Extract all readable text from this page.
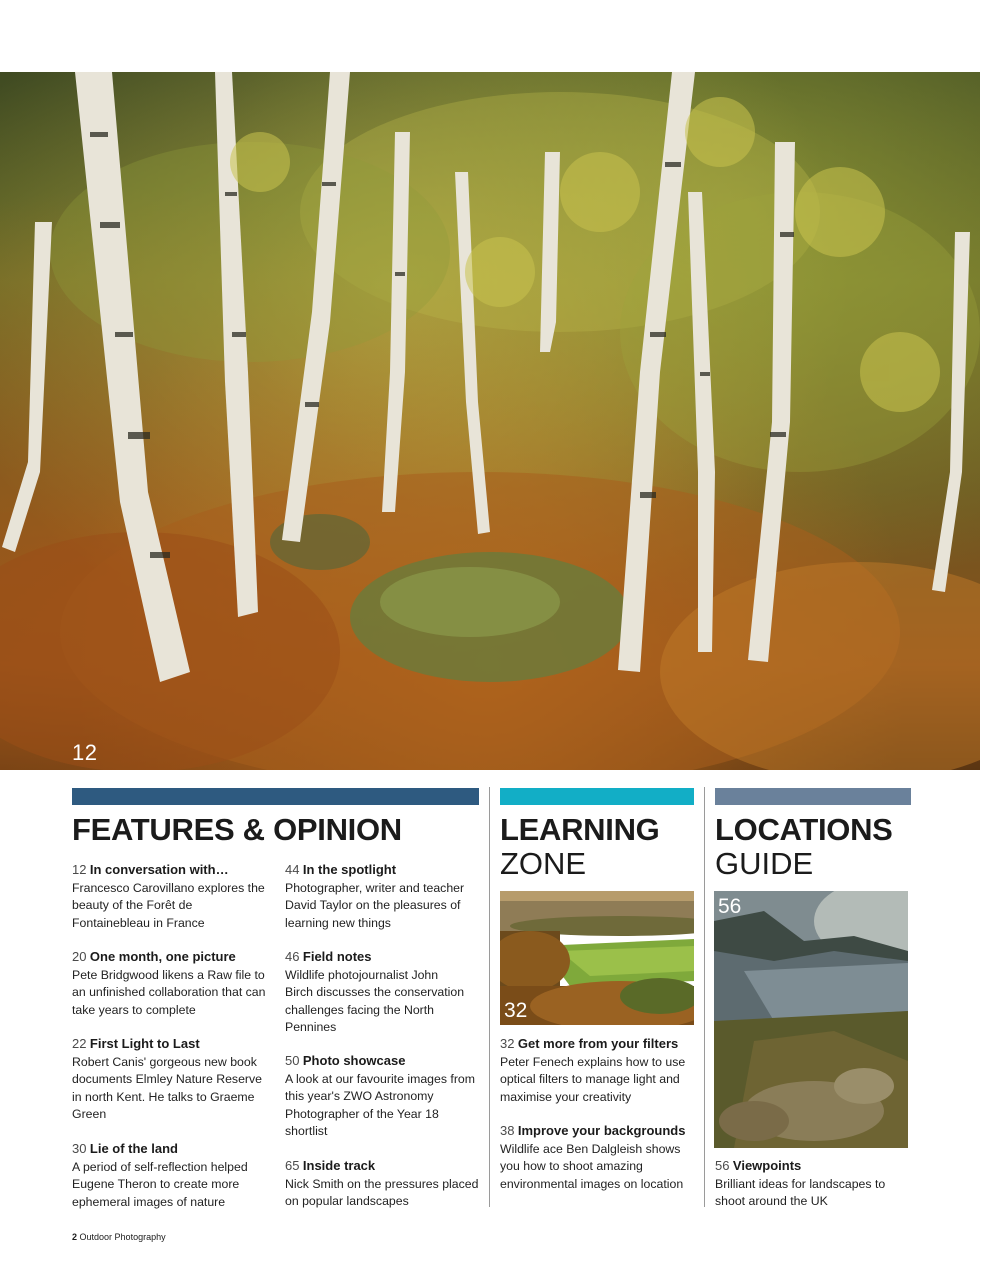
12
FEATURES & OPINION
12 In conversation with…
Francesco Carovillano explores the beauty of the Forêt de Fontainebleau in France
20 One month, one picture
Pete Bridgwood likens a Raw file to an unfinished collaboration that can take years to complete
22 First Light to Last
Robert Canis' gorgeous new book documents Elmley Nature Reserve in north Kent. He talks to Graeme Green
30 Lie of the land
A period of self-reflection helped Eugene Theron to create more ephemeral images of nature
44 In the spotlight
Photographer, writer and teacher David Taylor on the pleasures of learning new things
46 Field notes
Wildlife photojournalist John Birch discusses the conservation challenges facing the North Pennines
50 Photo showcase
A look at our favourite images from this year's ZWO Astronomy Photographer of the Year 18 shortlist
65 Inside track
Nick Smith on the pressures placed on popular landscapes
LEARNING
ZONE
32
32 Get more from your filters
Peter Fenech explains how to use optical filters to manage light and maximise your creativity
38 Improve your backgrounds
Wildlife ace Ben Dalgleish shows you how to shoot amazing environmental images on location
LOCATIONS
GUIDE
56
56 Viewpoints
Brilliant ideas for landscapes to shoot around the UK
2 Outdoor Photography
